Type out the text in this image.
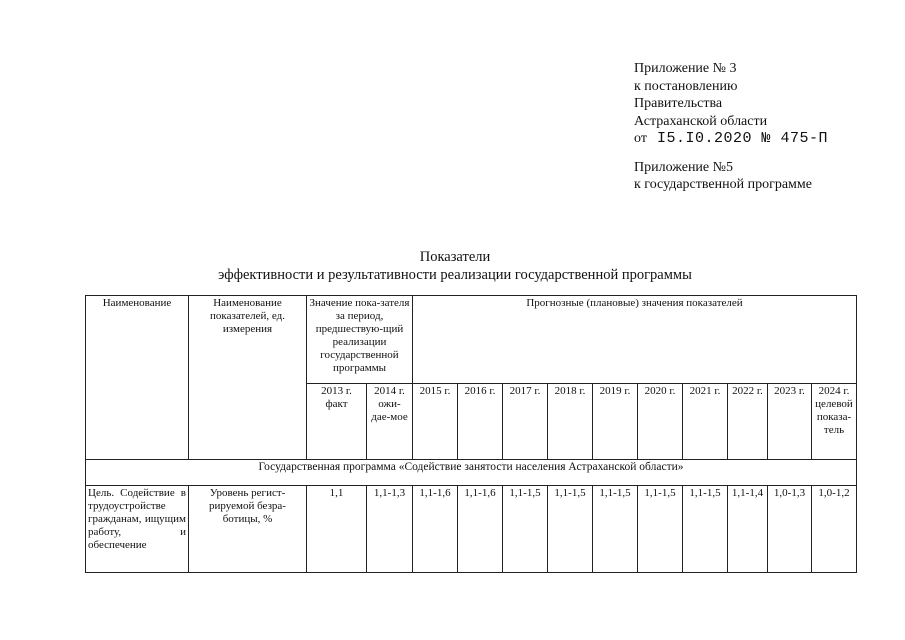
Приложение № 3
к постановлению
Правительства
Астраханской области
от I5.I0.2020 № 475-П
Приложение №5
к государственной программе
Показатели
эффективности и результативности реализации государственной программы
Наименование	Наименование показателей, ед. измерения	Значение пока-зателя за период, предшествую-щий реализации государственной программы		Прогнозные (плановые) значения показателей									

		2013 г. факт	2014 г. ожи-дае-мое	2015 г.	2016 г.	2017 г.	2018 г.	2019 г.	2020 г.	2021 г.	2022 г.	2023 г.	2024 г. целевой показа-тель
Государственная программа «Содействие занятости населения Астраханской области»													
Цель. Содействие в трудоустройстве гражданам, ищущим работу, и обеспечение	Уровень регист-рируемой безра-ботицы, %	1,1	1,1-1,3	1,1-1,6	1,1-1,6	1,1-1,5	1,1-1,5	1,1-1,5	1,1-1,5	1,1-1,5	1,1-1,4	1,0-1,3	1,0-1,2
